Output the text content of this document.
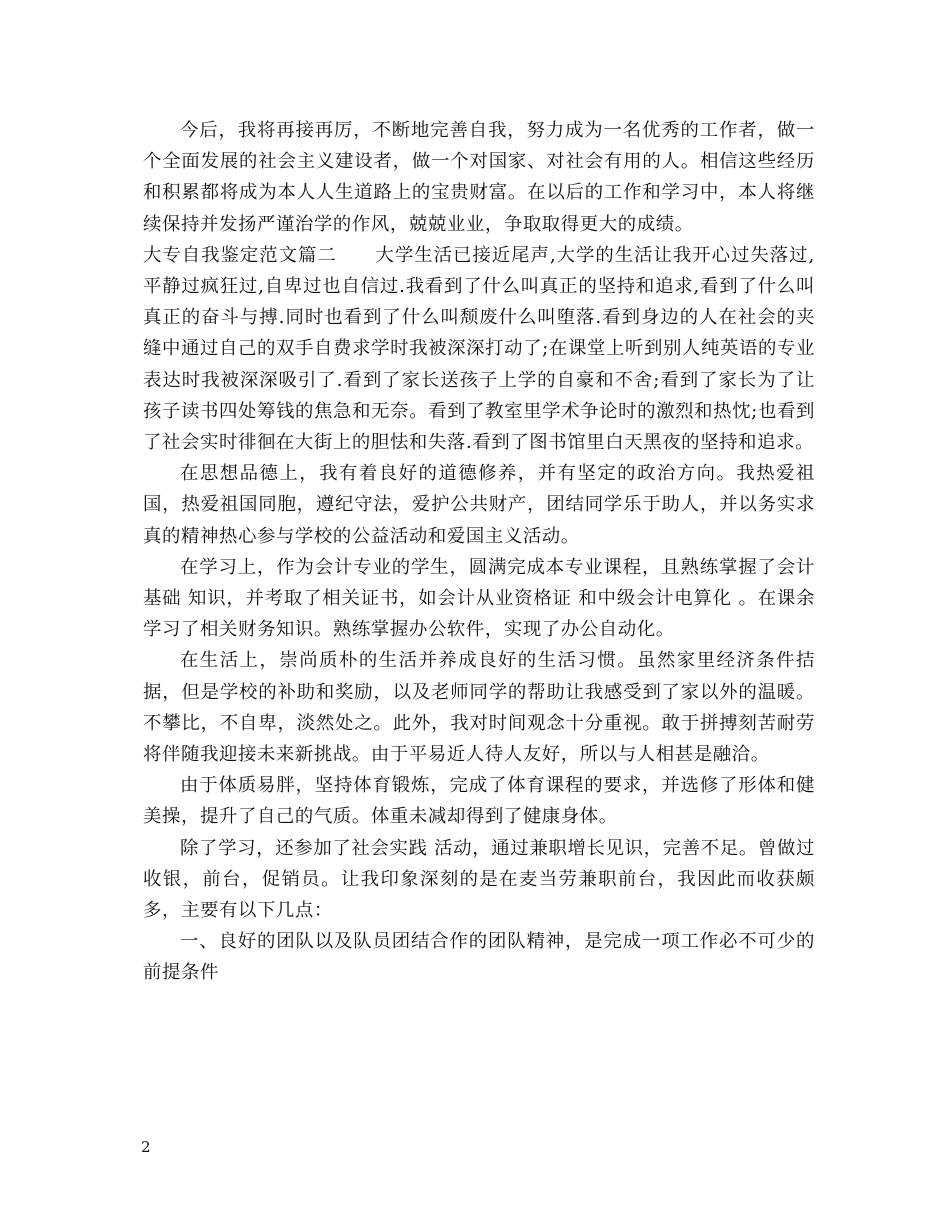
今后，我将再接再厉，不断地完善自我，努力成为一名优秀的工作者，做一个全面发展的社会主义建设者，做一个对国家、对社会有用的人。相信这些经历和积累都将成为本人人生道路上的宝贵财富。在以后的工作和学习中，本人将继续保持并发扬严谨治学的作风，兢兢业业，争取取得更大的成绩。

大专自我鉴定范文篇二　　大学生活已接近尾声,大学的生活让我开心过失落过,平静过疯狂过,自卑过也自信过.我看到了什么叫真正的坚持和追求,看到了什么叫真正的奋斗与搏.同时也看到了什么叫颓废什么叫堕落.看到身边的人在社会的夹缝中通过自己的双手自费求学时我被深深打动了;在课堂上听到别人纯英语的专业表达时我被深深吸引了.看到了家长送孩子上学的自豪和不舍;看到了家长为了让孩子读书四处筹钱的焦急和无奈。看到了教室里学术争论时的激烈和热忱;也看到了社会实时徘徊在大街上的胆怯和失落.看到了图书馆里白天黑夜的坚持和追求。

在思想品德上，我有着良好的道德修养，并有坚定的政治方向。我热爱祖国，热爱祖国同胞，遵纪守法，爱护公共财产，团结同学乐于助人，并以务实求真的精神热心参与学校的公益活动和爱国主义活动。

在学习上，作为会计专业的学生，圆满完成本专业课程，且熟练掌握了会计基础 知识，并考取了相关证书，如会计从业资格证 和中级会计电算化 。在课余学习了相关财务知识。熟练掌握办公软件，实现了办公自动化。

在生活上，崇尚质朴的生活并养成良好的生活习惯。虽然家里经济条件拮据，但是学校的补助和奖励，以及老师同学的帮助让我感受到了家以外的温暖。不攀比，不自卑，淡然处之。此外，我对时间观念十分重视。敢于拼搏刻苦耐劳将伴随我迎接未来新挑战。由于平易近人待人友好，所以与人相甚是融洽。

由于体质易胖，坚持体育锻炼，完成了体育课程的要求，并选修了形体和健美操，提升了自己的气质。体重未减却得到了健康身体。

除了学习，还参加了社会实践 活动，通过兼职增长见识，完善不足。曾做过收银，前台，促销员。让我印象深刻的是在麦当劳兼职前台，我因此而收获颇多，主要有以下几点：

一、良好的团队以及队员团结合作的团队精神，是完成一项工作必不可少的前提条件

2
